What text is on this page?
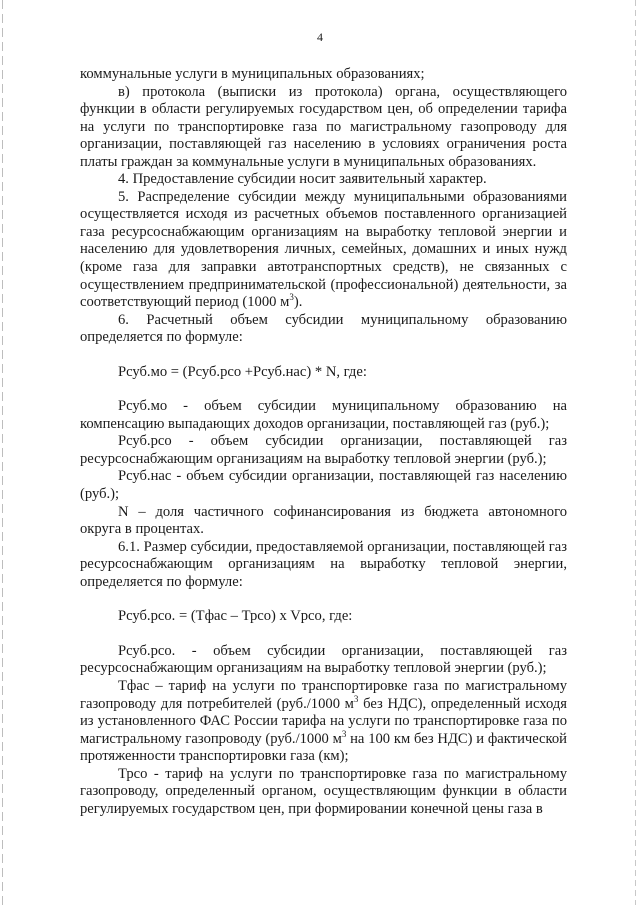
4

коммунальные услуги в муниципальных образованиях;

в) протокола (выписки из протокола) органа, осуществляющего функции в области регулируемых государством цен, об определении тарифа на услуги по транспортировке газа по магистральному газопроводу для организации, поставляющей газ населению в условиях ограничения роста платы граждан за коммунальные услуги в муниципальных образованиях.

4. Предоставление субсидии носит заявительный характер.

5. Распределение субсидии между муниципальными образованиями осуществляется исходя из расчетных объемов поставленного организацией газа ресурсоснабжающим организациям на выработку тепловой энергии и населению для удовлетворения личных, семейных, домашних и иных нужд (кроме газа для заправки автотранспортных средств), не связанных с осуществлением предпринимательской (профессиональной) деятельности, за соответствующий период (1000 $м^3$).

6. Расчетный объем субсидии муниципальному образованию определяется по формуле:

Рсуб.мо = (Рсуб.рсо +Рсуб.нас) * N, где:

Рсуб.мо - объем субсидии муниципальному образованию на компенсацию выпадающих доходов организации, поставляющей газ (руб.);

Рсуб.рсо - объем субсидии организации, поставляющей газ ресурсоснабжающим организациям на выработку тепловой энергии (руб.);

Рсуб.нас - объем субсидии организации, поставляющей газ населению (руб.);

N – доля частичного софинансирования из бюджета автономного округа в процентах.

6.1. Размер субсидии, предоставляемой организации, поставляющей газ ресурсоснабжающим организациям на выработку тепловой энергии, определяется по формуле:

Рсуб.рсо. = (Тфас – Трсо) x Vрсо, где:

Рсуб.рсо. - объем субсидии организации, поставляющей газ ресурсоснабжающим организациям на выработку тепловой энергии (руб.);

Тфас – тариф на услуги по транспортировке газа по магистральному газопроводу для потребителей (руб./1000 $м^3$ без НДС), определенный исходя из установленного ФАС России тарифа на услуги по транспортировке газа по магистральному газопроводу (руб./1000 $м^3$ на 100 км без НДС) и фактической протяженности транспортировки газа (км);

Трсо - тариф на услуги по транспортировке газа по магистральному газопроводу, определенный органом, осуществляющим функции в области регулируемых государством цен, при формировании конечной цены газа в
